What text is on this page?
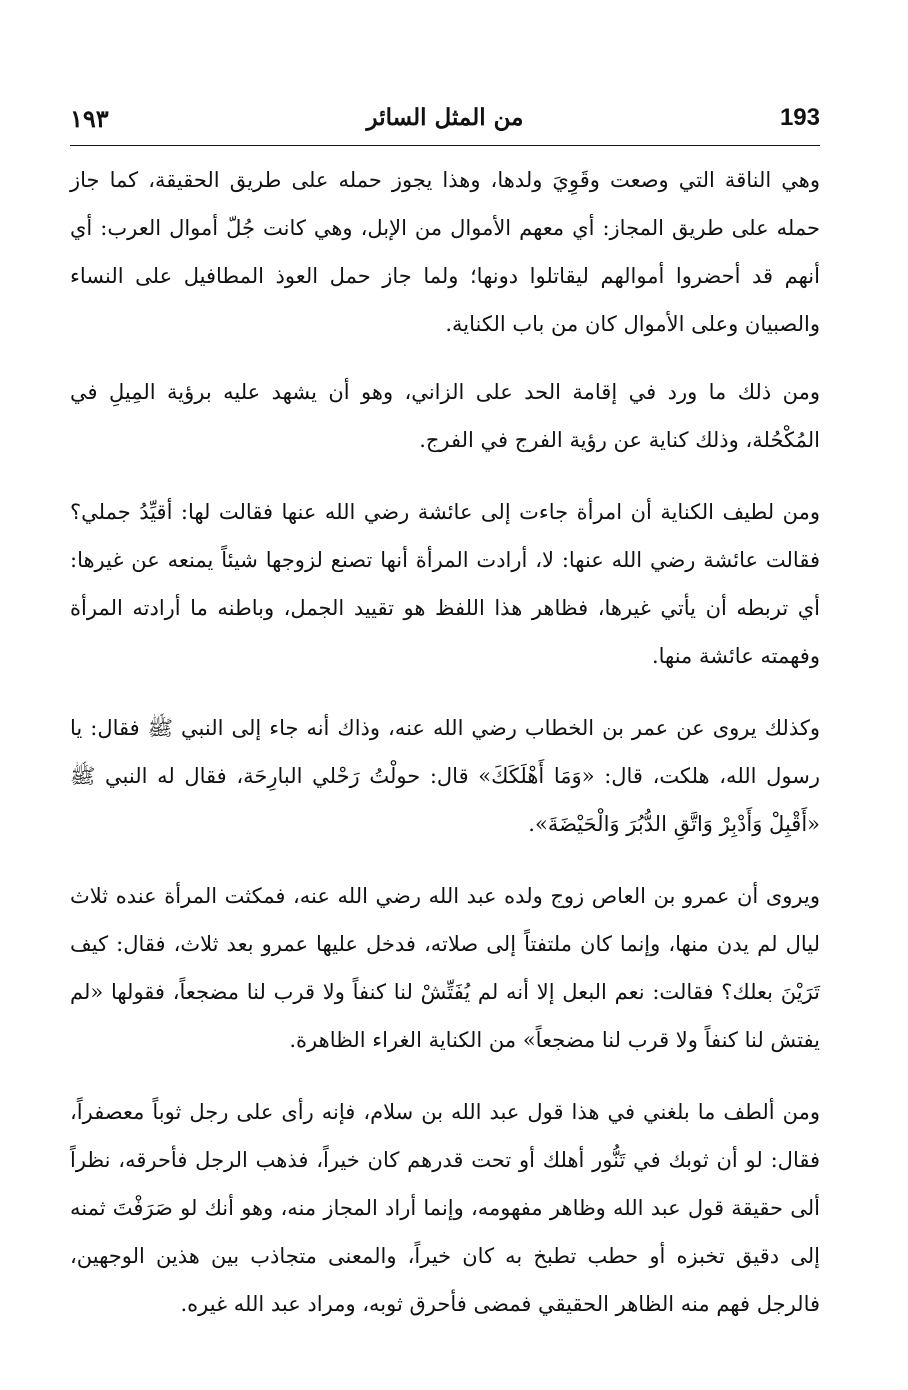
193
من المثل السائر
١٩٣

وهي الناقة التي وصعت وقَوِيَ ولدها، وهذا يجوز حمله على طريق الحقيقة، كما جاز حمله على طريق المجاز: أي معهم الأموال من الإبل، وهي كانت جُلّ أموال العرب: أي أنهم قد أحضروا أموالهم ليقاتلوا دونها؛ ولما جاز حمل العوذ المطافيل على النساء والصبيان وعلى الأموال كان من باب الكناية.

ومن ذلك ما ورد في إقامة الحد على الزاني، وهو أن يشهد عليه برؤية المِيلِ في المُكْحُلة، وذلك كناية عن رؤية الفرج في الفرج.

ومن لطيف الكناية أن امرأة جاءت إلى عائشة رضي الله عنها فقالت لها: أقيِّدُ جملي؟ فقالت عائشة رضي الله عنها: لا، أرادت المرأة أنها تصنع لزوجها شيئاً يمنعه عن غيرها: أي تربطه أن يأتي غيرها، فظاهر هذا اللفظ هو تقييد الجمل، وباطنه ما أرادته المرأة وفهمته عائشة منها.

وكذلك يروى عن عمر بن الخطاب رضي الله عنه، وذاك أنه جاء إلى النبي ﷺ فقال: يا رسول الله، هلكت، قال: «وَمَا أَهْلَكَكَ» قال: حولْتُ رَحْلي البارِحَة، فقال له النبي ﷺ «أَقْبِلْ وَأَدْبِرْ وَاتَّقِ الدُّبُرَ وَالْحَيْضَةَ».

ويروى أن عمرو بن العاص زوج ولده عبد الله رضي الله عنه، فمكثت المرأة عنده ثلاث ليال لم يدن منها، وإنما كان ملتفتاً إلى صلاته، فدخل عليها عمرو بعد ثلاث، فقال: كيف تَرَيْنَ بعلك؟ فقالت: نعم البعل إلا أنه لم يُفَتِّشْ لنا كنفاً ولا قرب لنا مضجعاً، فقولها «لم يفتش لنا كنفاً ولا قرب لنا مضجعاً» من الكناية الغراء الظاهرة.

ومن ألطف ما بلغني في هذا قول عبد الله بن سلام، فإنه رأى على رجل ثوباً معصفراً، فقال: لو أن ثوبك في تَنُّور أهلك أو تحت قدرهم كان خيراً، فذهب الرجل فأحرقه، نظراً ألى حقيقة قول عبد الله وظاهر مفهومه، وإنما أراد المجاز منه، وهو أنك لو صَرَفْتَ ثمنه إلى دقيق تخبزه أو حطب تطبخ به كان خيراً، والمعنى متجاذب بين هذين الوجهين، فالرجل فهم منه الظاهر الحقيقي فمضى فأحرق ثوبه، ومراد عبد الله غيره.
